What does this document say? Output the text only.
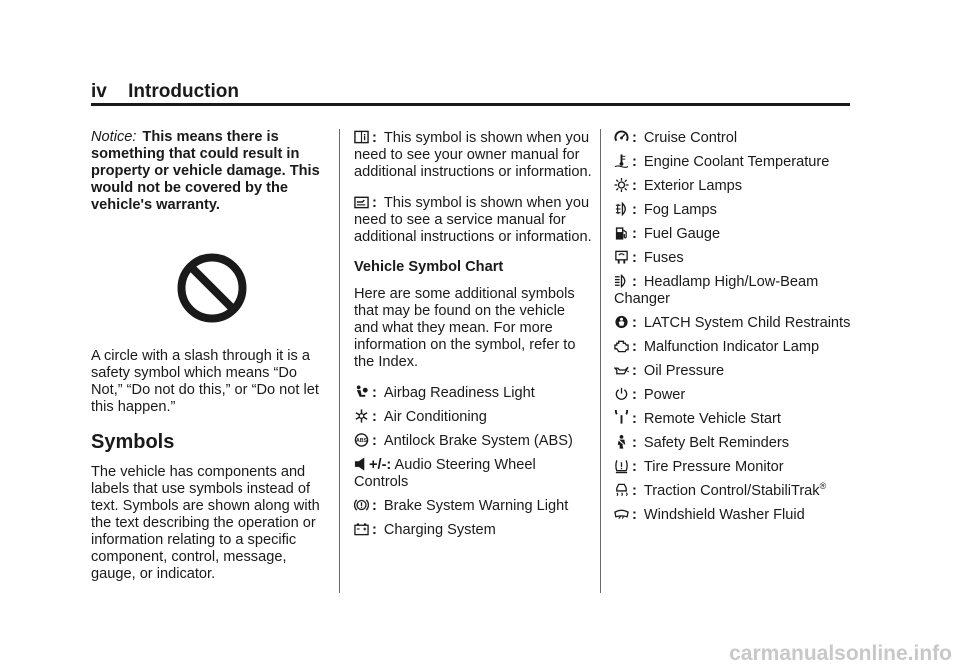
iv Introduction

Notice: This means there is something that could result in property or vehicle damage. This would not be covered by the vehicle's warranty.

A circle with a slash through it is a safety symbol which means “Do Not,” “Do not do this,” or “Do not let this happen.”

Symbols

The vehicle has components and labels that use symbols instead of text. Symbols are shown along with the text describing the operation or information relating to a specific component, control, message, gauge, or indicator.

: This symbol is shown when you need to see your owner manual for additional instructions or information.

: This symbol is shown when you need to see a service manual for additional instructions or information.

Vehicle Symbol Chart

Here are some additional symbols that may be found on the vehicle and what they mean. For more information on the symbol, refer to the Index.

: Airbag Readiness Light

: Air Conditioning

ABS : Antilock Brake System (ABS)

+/-: Audio Steering Wheel Controls

: Brake System Warning Light

: Charging System

: Cruise Control

: Engine Coolant Temperature

: Exterior Lamps

: Fog Lamps

: Fuel Gauge

: Fuses

: Headlamp High/Low-Beam Changer

: LATCH System Child Restraints

: Malfunction Indicator Lamp

: Oil Pressure

: Power

: Remote Vehicle Start

: Safety Belt Reminders

: Tire Pressure Monitor

: Traction Control/StabiliTrak®

: Windshield Washer Fluid

carmanualsonline.info
